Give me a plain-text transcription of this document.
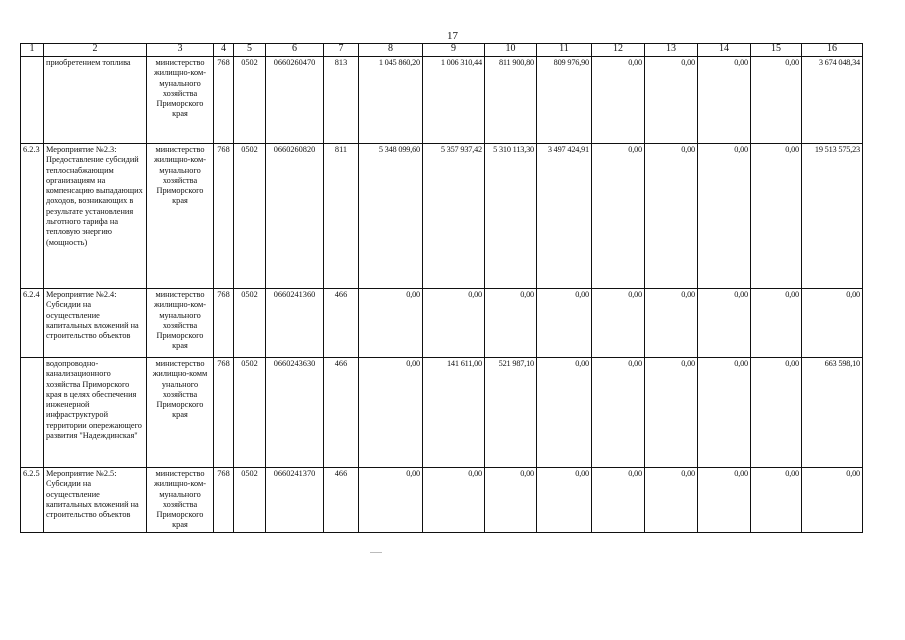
17
1	2	3	4	5	6	7	8	9	10	11	12	13	14	15	16
	приобретением топлива	министерство жилищно-ком-мунального хозяйства Приморского края	768	0502	0660260470	813	1 045 860,20	1 006 310,44	811 900,80	809 976,90	0,00	0,00	0,00	0,00	3 674 048,34
6.2.3	Мероприятие №2.3: Предоставление субсидий теплоснабжающим организациям на компенсацию выпадающих доходов, возникающих в результате установления льготного тарифа на тепловую энергию (мощность)	министерство жилищно-ком-мунального хозяйства Приморского края	768	0502	0660260820	811	5 348 099,60	5 357 937,42	5 310 113,30	3 497 424,91	0,00	0,00	0,00	0,00	19 513 575,23
6.2.4	Мероприятие №2.4: Субсидии на осуществление капитальных вложений на строительство объектов	министерство жилищно-ком-мунального хозяйства Приморского края	768	0502	0660241360	466	0,00	0,00	0,00	0,00	0,00	0,00	0,00	0,00	0,00
	водопроводно-канализационного хозяйства Приморского края в целях обеспечения инженерной инфраструктурой территории опережающего развития "Надеждинская"	министерство жилищно-комм унального хозяйства Приморского края	768	0502	0660243630	466	0,00	141 611,00	521 987,10	0,00	0,00	0,00	0,00	0,00	663 598,10
6.2.5	Мероприятие №2.5: Субсидии на осуществление капитальных вложений на строительство объектов	министерство жилищно-ком-мунального хозяйства Приморского края	768	0502	0660241370	466	0,00	0,00	0,00	0,00	0,00	0,00	0,00	0,00	0,00
